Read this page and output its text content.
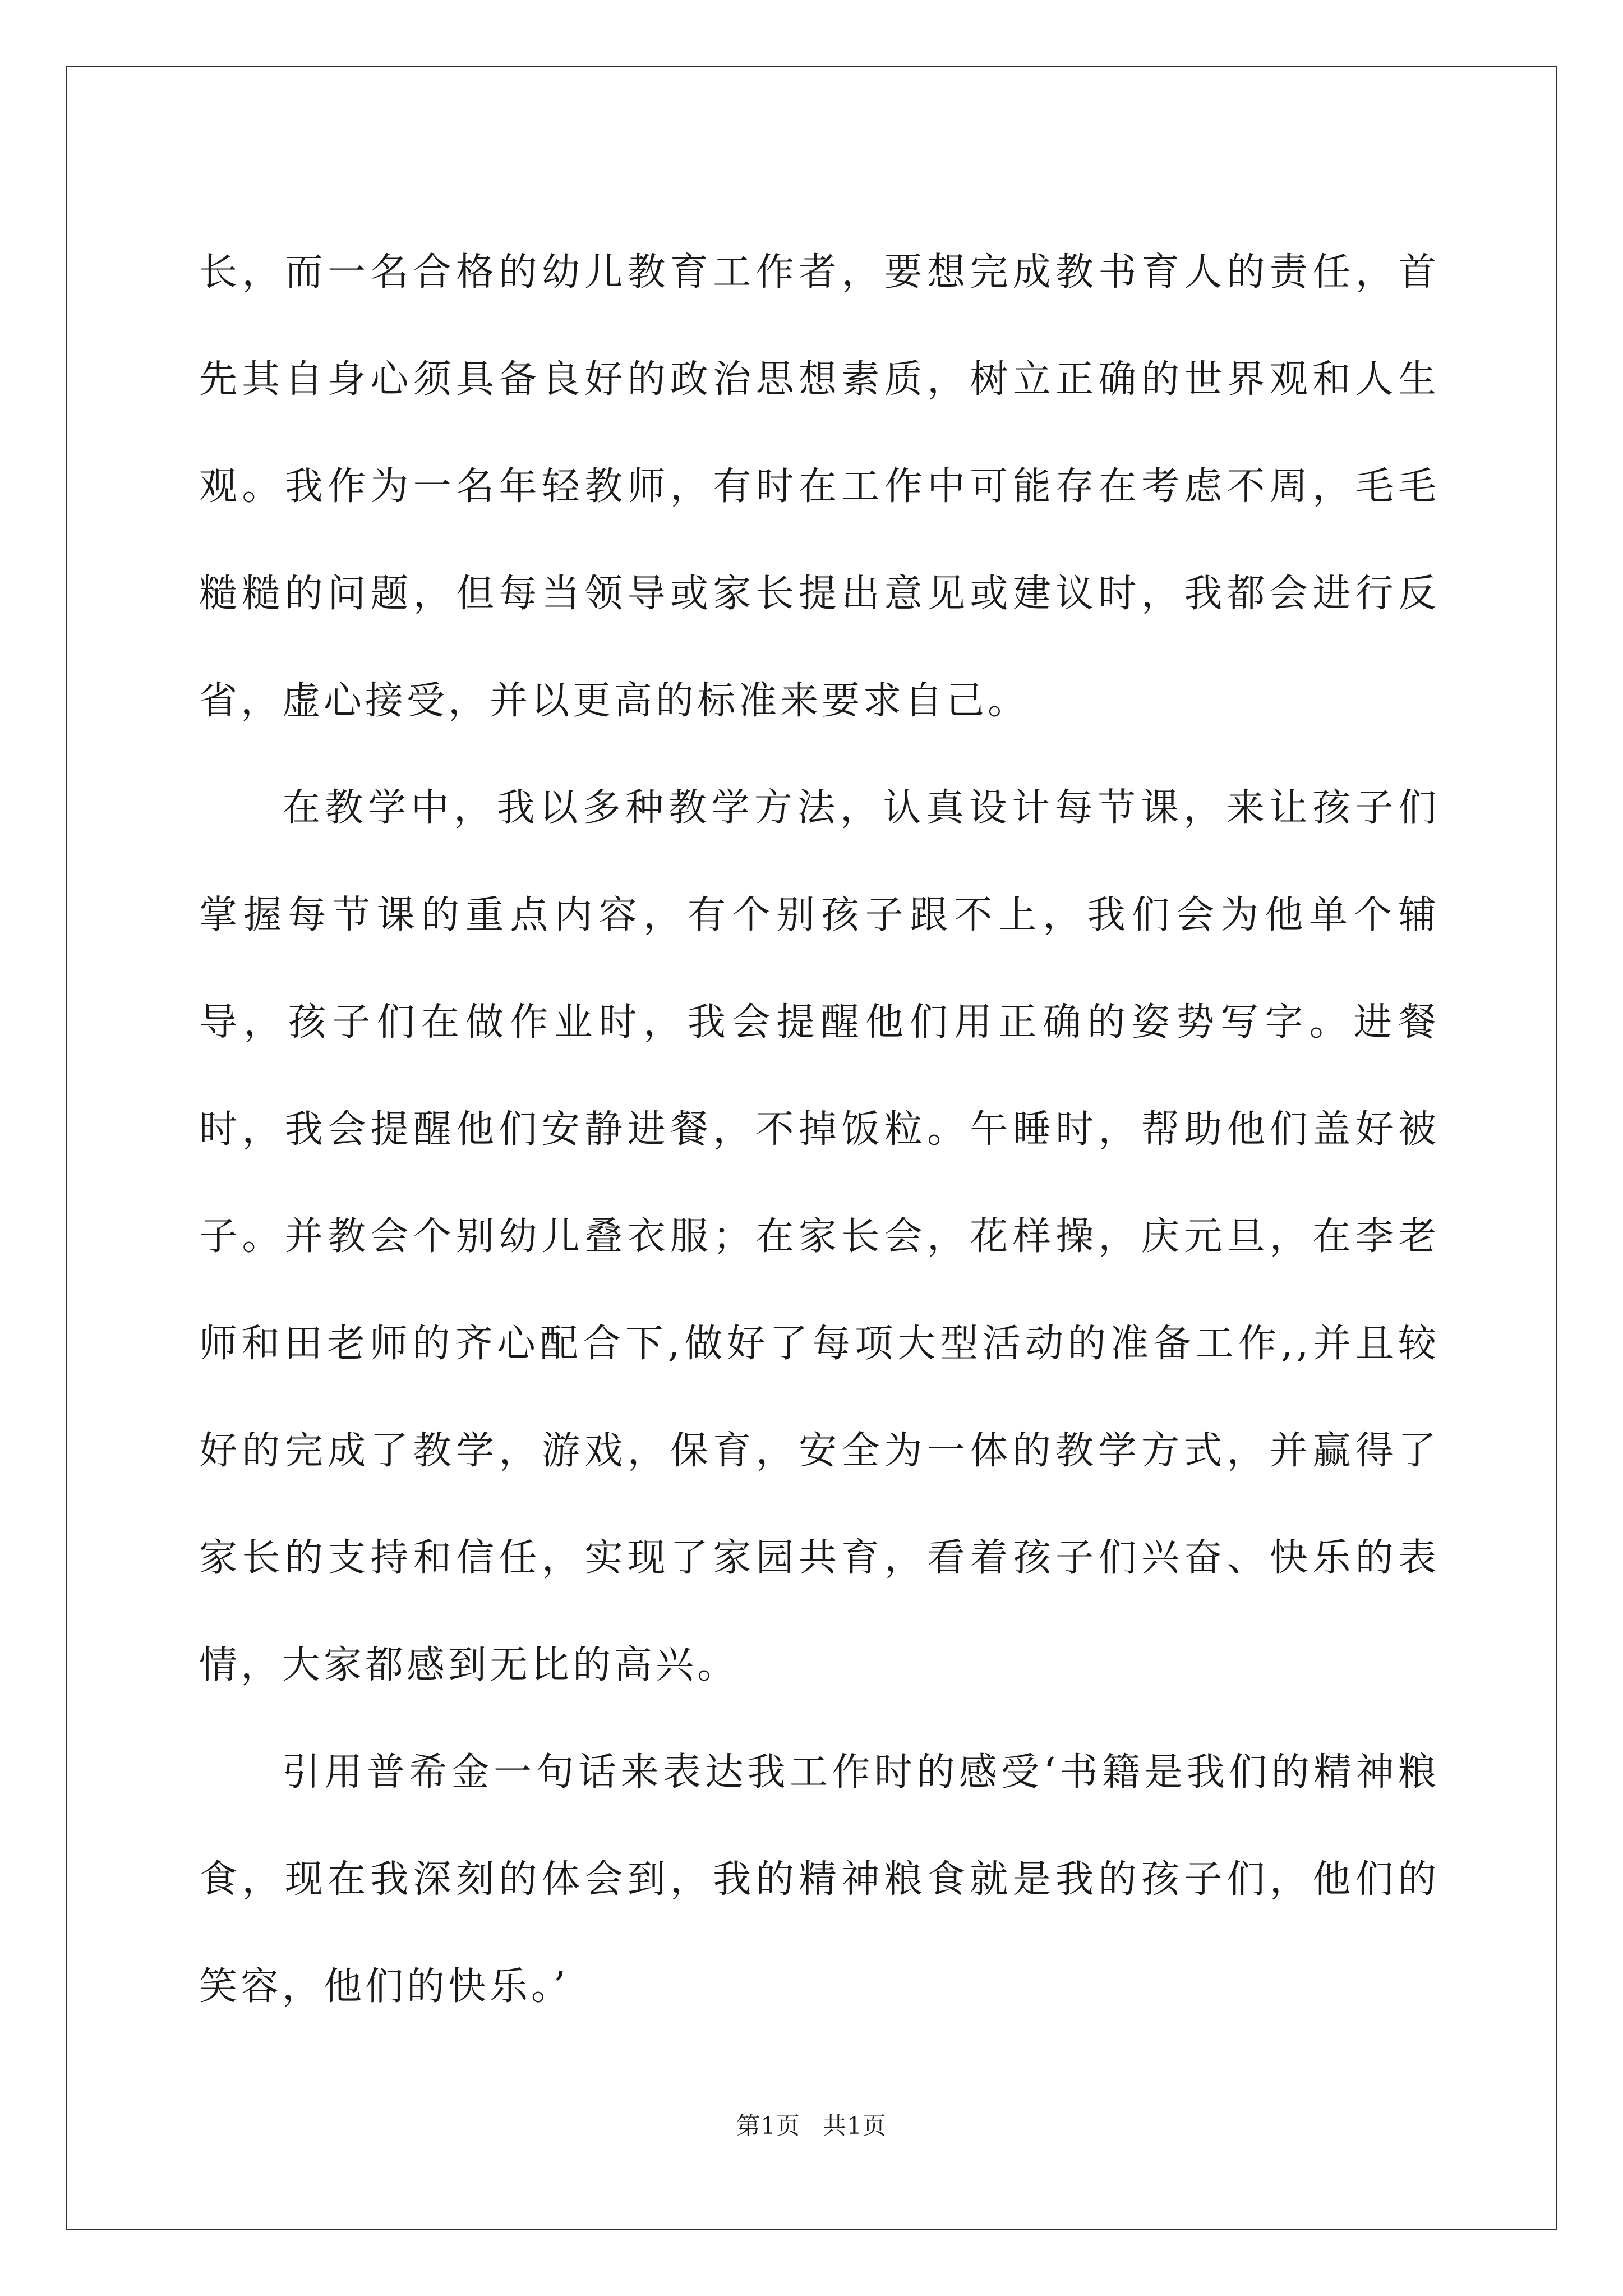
长，而一名合格的幼儿教育工作者，要想完成教书育人的责任，首先其自身心须具备良好的政治思想素质，树立正确的世界观和人生观。我作为一名年轻教师，有时在工作中可能存在考虑不周，毛毛糙糙的问题，但每当领导或家长提出意见或建议时，我都会进行反省，虚心接受，并以更高的标准来要求自己。

在教学中，我以多种教学方法，认真设计每节课，来让孩子们掌握每节课的重点内容，有个别孩子跟不上，我们会为他单个辅导，孩子们在做作业时，我会提醒他们用正确的姿势写字。进餐时，我会提醒他们安静进餐，不掉饭粒。午睡时，帮助他们盖好被子。并教会个别幼儿叠衣服；在家长会，花样操，庆元旦，在李老师和田老师的齐心配合下,做好了每项大型活动的准备工作,,并且较好的完成了教学，游戏，保育，安全为一体的教学方式，并赢得了家长的支持和信任，实现了家园共育，看着孩子们兴奋、快乐的表情，大家都感到无比的高兴。

引用普希金一句话来表达我工作时的感受‘书籍是我们的精神粮食，现在我深刻的体会到，我的精神粮食就是我的孩子们，他们的笑容，他们的快乐。’

第1页 共1页
